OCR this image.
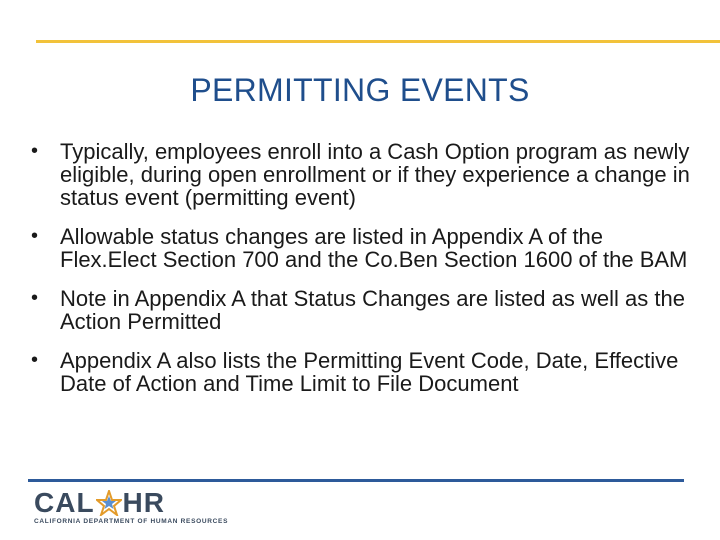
PERMITTING EVENTS
• Typically, employees enroll into a Cash Option program as newly eligible, during open enrollment or if they experience a change in status event (permitting event)
• Allowable status changes are listed in Appendix A of the Flex.Elect Section 700 and the Co.Ben Section 1600 of the BAM
• Note in Appendix A that Status Changes are listed as well as the Action Permitted
• Appendix A also lists the Permitting Event Code, Date, Effective Date of Action and Time Limit to File Document
CAL HR
CALIFORNIA DEPARTMENT OF HUMAN RESOURCES
